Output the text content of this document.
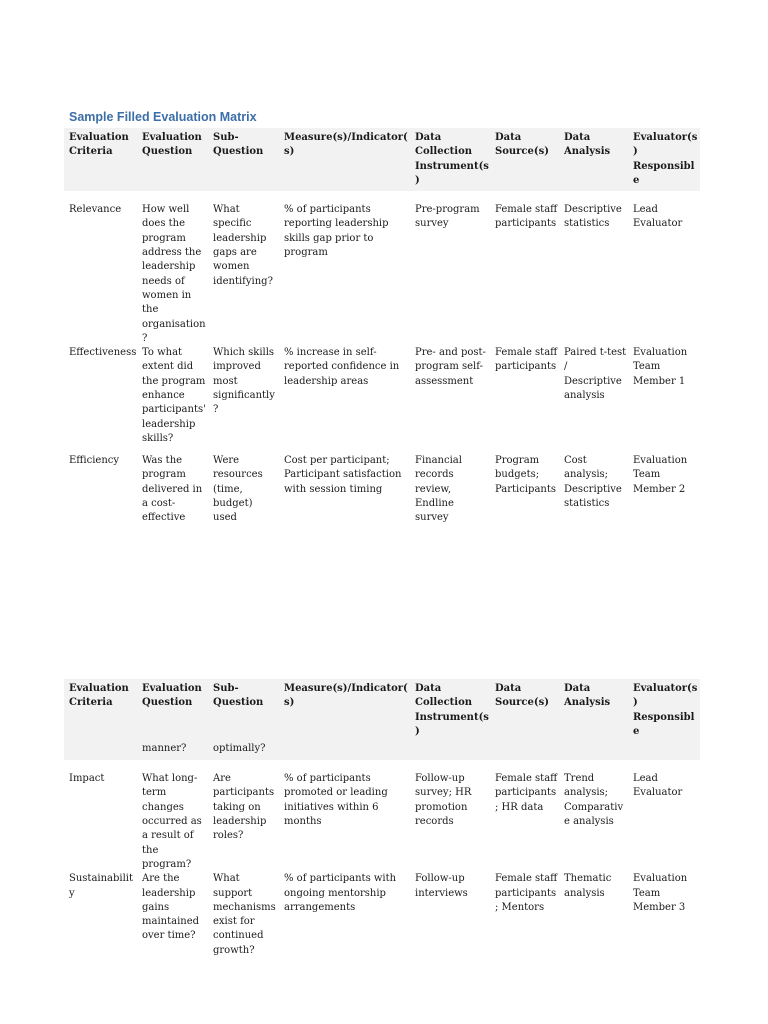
Sample Filled Evaluation Matrix
Evaluation Criteria	Evaluation Question	Sub-Question	Measure(s)/Indicator(s)	Data Collection Instrument(s)	Data Source(s)	Data Analysis	Evaluator(s) Responsible

Relevance	How well does the program address the leadership needs of women in the organisation?	What specific leadership gaps are women identifying?	% of participants reporting leadership skills gap prior to program	Pre-program survey	Female staff participants	Descriptive statistics	Lead Evaluator
Effectiveness	To what extent did the program enhance participants' leadership skills?	Which skills improved most significantly?	% increase in self-reported confidence in leadership areas	Pre- and post-program self-assessment	Female staff participants	Paired t-test / Descriptive analysis	Evaluation Team Member 1
Efficiency	Was the program delivered in a cost-effective	Were resources (time, budget) used	Cost per participant; Participant satisfaction with session timing	Financial records review, Endline survey	Program budgets; Participants	Cost analysis; Descriptive statistics	Evaluation Team Member 2
Evaluation Criteria	Evaluation Question	Sub-Question	Measure(s)/Indicator(s)	Data Collection Instrument(s)	Data Source(s)	Data Analysis	Evaluator(s) Responsible
	manner?	optimally?					

Impact	What long-term changes occurred as a result of the program?	Are participants taking on leadership roles?	% of participants promoted or leading initiatives within 6 months	Follow-up survey; HR promotion records	Female staff participants; HR data	Trend analysis; Comparative analysis	Lead Evaluator
Sustainability	Are the leadership gains maintained over time?	What support mechanisms exist for continued growth?	% of participants with ongoing mentorship arrangements	Follow-up interviews	Female staff participants; Mentors	Thematic analysis	Evaluation Team Member 3
